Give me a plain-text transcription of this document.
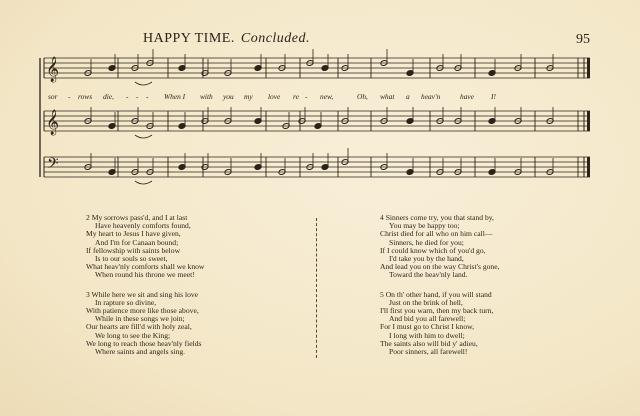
HAPPY TIME. Concluded.	95
𝄞
𝄞
𝄢
sor - rows die, - - - When I with you my love re - new,	Oh, what a heav'n	have I!
2 My sorrows pass'd, and I at last
Have heavenly comforts found,
My heart to Jesus I have given,
And I'm for Canaan bound;
If fellowship with saints below
Is to our souls so sweet,
What heav'nly comforts shall we know
When round his throne we meet!
3 While here we sit and sing his love
In rapture so divine,
With patience more like those above,
While in these songs we join;
Our hearts are fill'd with holy zeal,
We long to see the King;
We long to reach those heav'nly fields
Where saints and angels sing.
4 Sinners come try, you that stand by,
You may be happy too;
Christ died for all who on him call—
Sinners, he died for you;
If I could know which of you'd go,
I'd take you by the hand,
And lead you on the way Christ's gone,
Toward the heav'nly land.
5 On th' other hand, if you will stand
Just on the brink of hell,
I'll first you warn, then my back turn,
And bid you all farewell;
For I must go to Christ I know,
I long with him to dwell;
The saints also will bid y' adieu,
Poor sinners, all farewell!
